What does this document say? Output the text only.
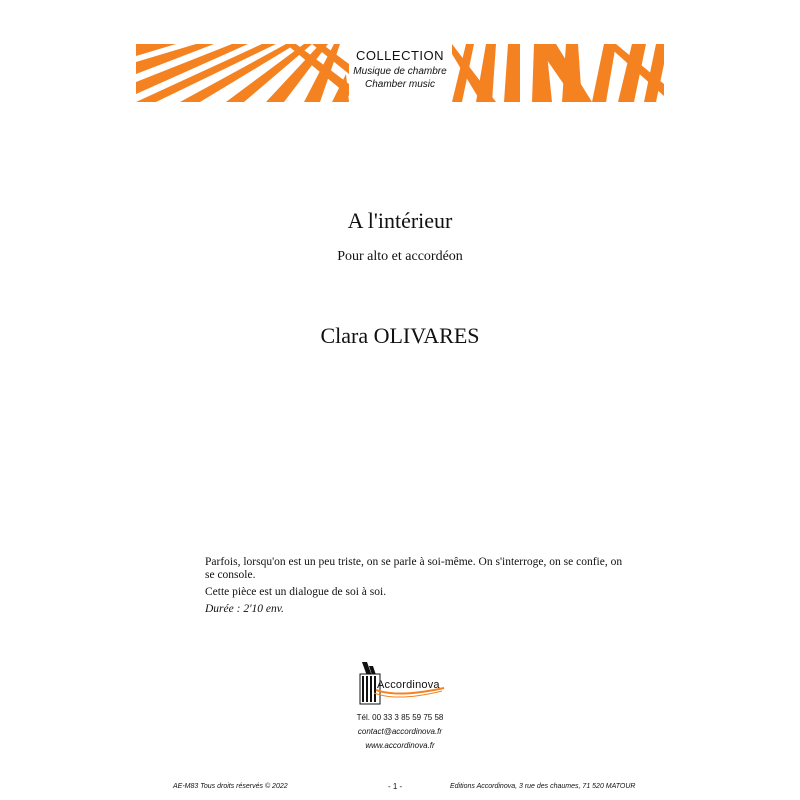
COLLECTION
Musique de chambre
Chamber music
A l'intérieur
Pour alto et accordéon
Clara OLIVARES

Parfois, lorsqu'on est un peu triste, on se parle à soi-même. On s'interroge, on se confie, on se console.

Cette pièce est un dialogue de soi à soi.

Durée : 2'10 env.

Accordinova
Tél. 00 33 3 85 59 75 58
contact@accordinova.fr
www.accordinova.fr
AE-M83 Tous droits réservés © 2022	- 1 -	Editions Accordinova, 3 rue des chaumes, 71 520 MATOUR
